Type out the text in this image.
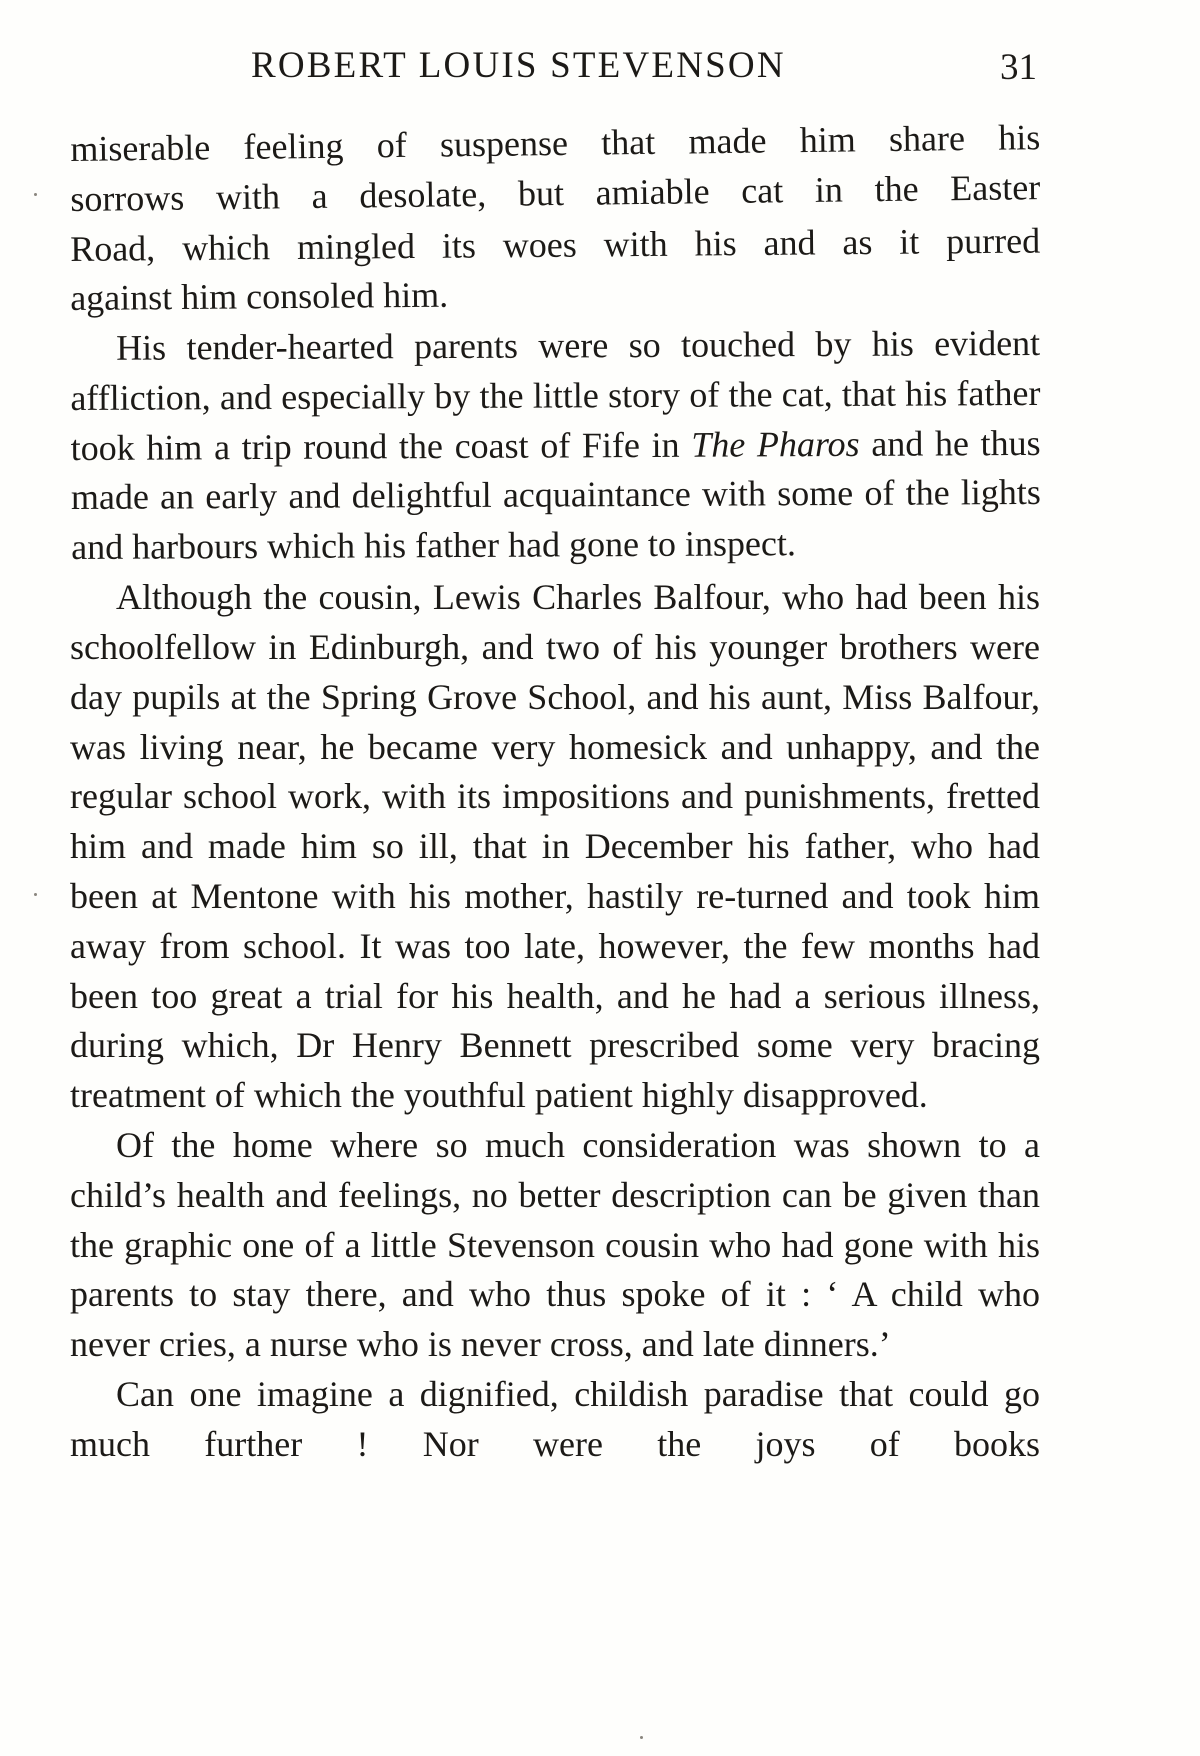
ROBERT LOUIS STEVENSON	31
miserable feeling of suspense that made him share his
sorrows with a desolate, but amiable cat in the Easter
Road, which mingled its woes with his and as it purred
against him consoled him.

His tender-hearted parents were so touched by his evident affliction, and especially by the little story of the cat, that his father took him a trip round the coast of Fife in The Pharos and he thus made an early and delightful acquaintance with some of the lights and harbours which his father had gone to inspect.

Although the cousin, Lewis Charles Balfour, who had been his schoolfellow in Edinburgh, and two of his younger brothers were day pupils at the Spring Grove School, and his aunt, Miss Balfour, was living near, he became very homesick and unhappy, and the regular school work, with its impositions and punishments, fretted him and made him so ill, that in December his father, who had been at Mentone with his mother, hastily re-turned and took him away from school. It was too late, however, the few months had been too great a trial for his health, and he had a serious illness, during which, Dr Henry Bennett prescribed some very bracing treatment of which the youthful patient highly disapproved.

Of the home where so much consideration was shown to a child’s health and feelings, no better description can be given than the graphic one of a little Stevenson cousin who had gone with his parents to stay there, and who thus spoke of it : ‘ A child who never cries, a nurse who is never cross, and late dinners.’

Can one imagine a dignified, childish paradise that could go much further ! Nor were the joys of books
